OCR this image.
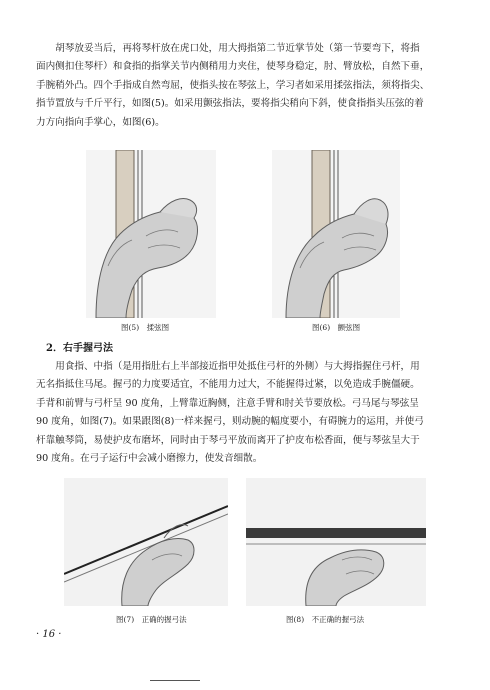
胡琴放妥当后，再将琴杆放在虎口处，用大拇指第二节近掌节处（第一节要弯下，将指
面内侧扣住琴杆）和食指的指掌关节内侧稍用力夹住，使琴身稳定，肘、臂放松，自然下垂，
手腕稍外凸。四个手指成自然弯屈，使指头按在琴弦上，学习者如采用揉弦指法，须将指尖、
指节置放与千斤平行，如图(5)。如采用颤弦指法，要将指尖稍向下斜，使食指指头压弦的着
力方向指向手掌心，如图(6)。
图(5)　揉弦图	图(6)　颤弦图
2．右手握弓法
用食指、中指（是用指肚右上半部接近指甲处抵住弓杆的外侧）与大拇指握住弓杆，用
无名指抵住马尾。握弓的力度要适宜，不能用力过大，不能握得过紧，以免造成手腕僵硬。
手背和前臂与弓杆呈 90 度角，上臂靠近胸侧，注意手臂和肘关节要放松。弓马尾与琴弦呈
90 度角，如图(7)。如果跟图(8)一样来握弓，则动腕的幅度要小，有碍腕力的运用，并使弓
杆靠触琴筒，易使护皮布磨坏，同时由于琴弓平放而离开了护皮布松香面，便与琴弦呈大于
90 度角。在弓子运行中会减小磨擦力，使发音细散。
图(7)　正确的握弓法	图(8)　不正确的握弓法
· 16 ·
